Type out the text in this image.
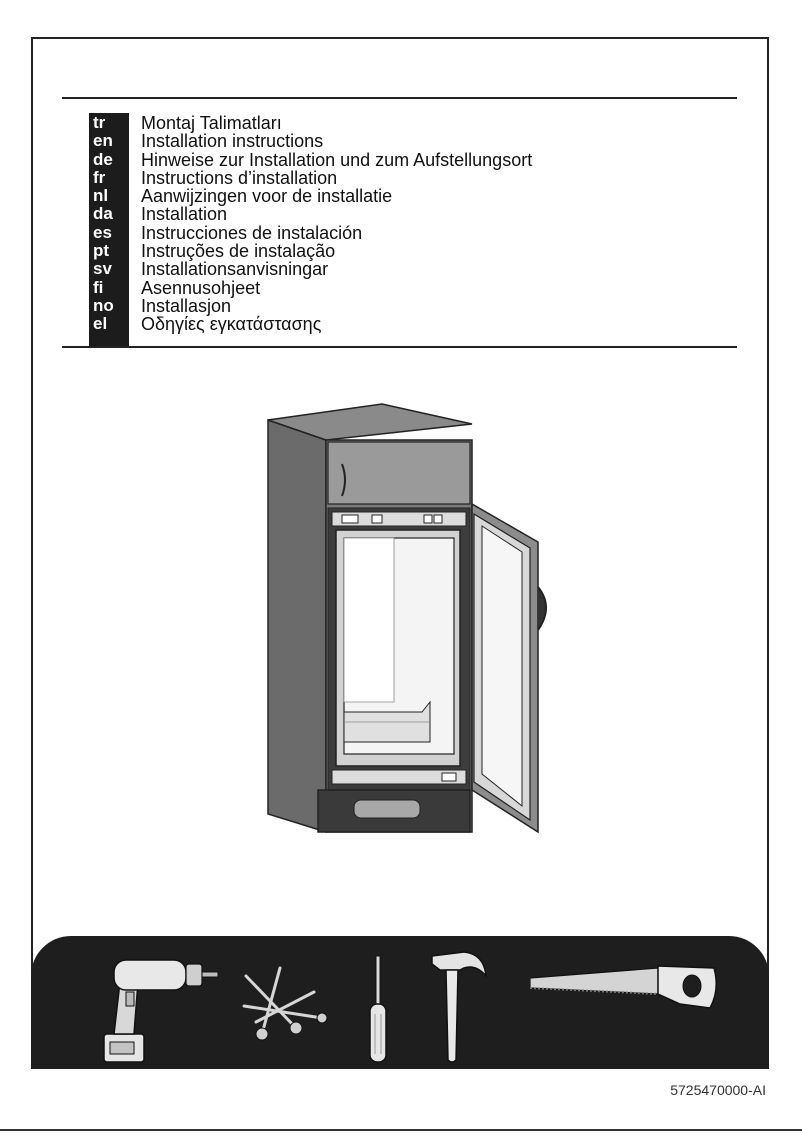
tr
en
de
fr
nl
da
es
pt
sv
fi
no
el
Montaj Talimatları
Installation instructions
Hinweise zur Installation und zum Aufstellungsort
Instructions d’installation
Aanwijzingen voor de installatie
Installation
Instrucciones de instalación
Instruções de instalação
Installationsanvisningar
Asennusohjeet
Installasjon
Οδηγίες εγκατάστασης
5725470000-AI
